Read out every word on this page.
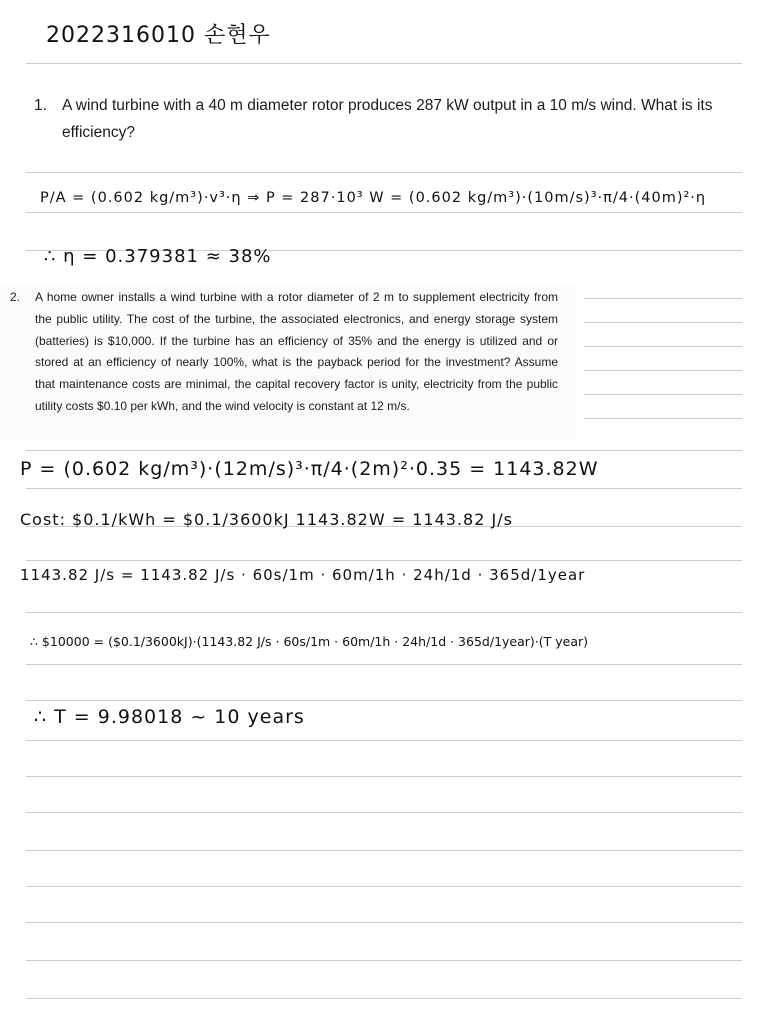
2022316010 손현우

1. A wind turbine with a 40 m diameter rotor produces 287 kW output in a 10 m/s wind. What is its efficiency?

P/A = (0.602 kg/m³)·v³·η ⇒ P = 287·10³ W = (0.602 kg/m³)·(10m/s)³·π/4·(40m)²·η

∴ η = 0.379381 ≈ 38%

2. A home owner installs a wind turbine with a rotor diameter of 2 m to supplement electricity from the public utility. The cost of the turbine, the associated electronics, and energy storage system (batteries) is $10,000. If the turbine has an efficiency of 35% and the energy is utilized and or stored at an efficiency of nearly 100%, what is the payback period for the investment? Assume that maintenance costs are minimal, the capital recovery factor is unity, electricity from the public utility costs $0.10 per kWh, and the wind velocity is constant at 12 m/s.

P = (0.602 kg/m³)·(12m/s)³·π/4·(2m)²·0.35 = 1143.82W

Cost: $0.1/kWh = $0.1/3600kJ 1143.82W = 1143.82 J/s

1143.82 J/s = 1143.82 J/s · 60s/1m · 60m/1h · 24h/1d · 365d/1year

∴ $10000 = ($0.1/3600kJ)·(1143.82 J/s · 60s/1m · 60m/1h · 24h/1d · 365d/1year)·(T year)

∴ T = 9.98018 ~ 10 years
